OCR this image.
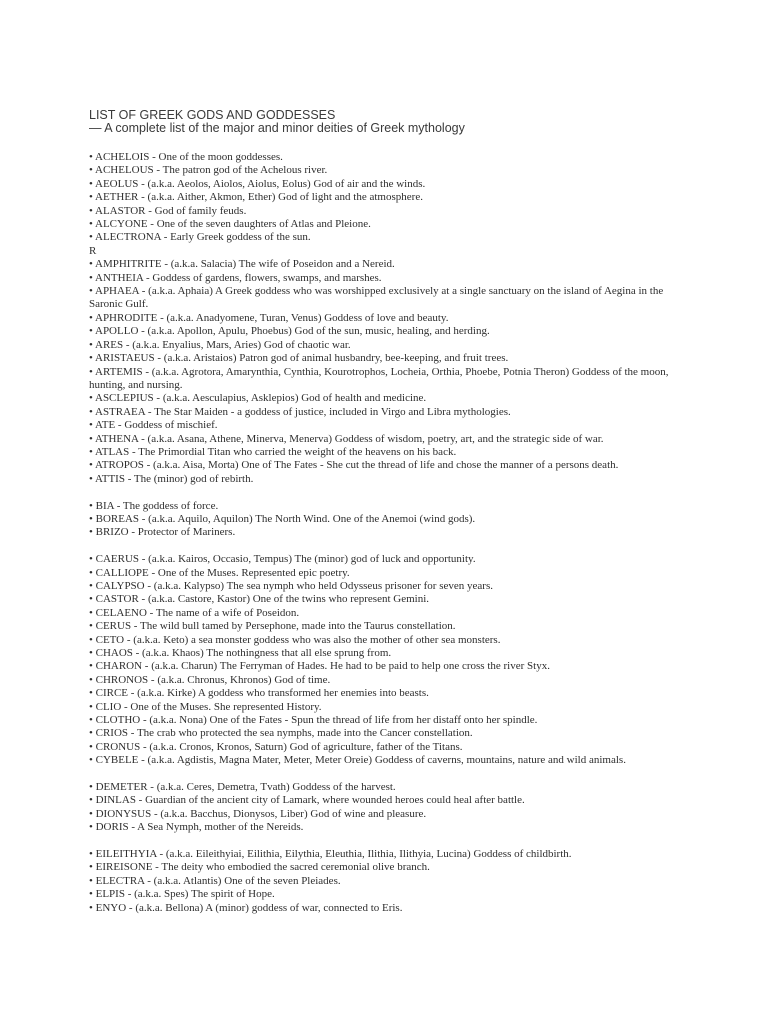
LIST OF GREEK GODS AND GODDESSES
— A complete list of the major and minor deities of Greek mythology
• ACHELOIS - One of the moon goddesses.
• ACHELOUS - The patron god of the Achelous river.
• AEOLUS - (a.k.a. Aeolos, Aiolos, Aiolus, Eolus) God of air and the winds.
• AETHER - (a.k.a. Aither, Akmon, Ether) God of light and the atmosphere.
• ALASTOR - God of family feuds.
• ALCYONE - One of the seven daughters of Atlas and Pleione.
• ALECTRONA - Early Greek goddess of the sun.
R
• AMPHITRITE - (a.k.a. Salacia) The wife of Poseidon and a Nereid.
• ANTHEIA - Goddess of gardens, flowers, swamps, and marshes.
• APHAEA - (a.k.a. Aphaia) A Greek goddess who was worshipped exclusively at a single sanctuary on the island of Aegina in the Saronic Gulf.
• APHRODITE - (a.k.a. Anadyomene, Turan, Venus) Goddess of love and beauty.
• APOLLO - (a.k.a. Apollon, Apulu, Phoebus) God of the sun, music, healing, and herding.
• ARES - (a.k.a. Enyalius, Mars, Aries) God of chaotic war.
• ARISTAEUS - (a.k.a. Aristaios) Patron god of animal husbandry, bee-keeping, and fruit trees.
• ARTEMIS - (a.k.a. Agrotora, Amarynthia, Cynthia, Kourotrophos, Locheia, Orthia, Phoebe, Potnia Theron) Goddess of the moon, hunting, and nursing.
• ASCLEPIUS - (a.k.a. Aesculapius, Asklepios) God of health and medicine.
• ASTRAEA - The Star Maiden - a goddess of justice, included in Virgo and Libra mythologies.
• ATE - Goddess of mischief.
• ATHENA - (a.k.a. Asana, Athene, Minerva, Menerva) Goddess of wisdom, poetry, art, and the strategic side of war.
• ATLAS - The Primordial Titan who carried the weight of the heavens on his back.
• ATROPOS - (a.k.a. Aisa, Morta) One of The Fates - She cut the thread of life and chose the manner of a persons death.
• ATTIS - The (minor) god of rebirth.
• BIA - The goddess of force.
• BOREAS - (a.k.a. Aquilo, Aquilon) The North Wind. One of the Anemoi (wind gods).
• BRIZO - Protector of Mariners.
• CAERUS - (a.k.a. Kairos, Occasio, Tempus) The (minor) god of luck and opportunity.
• CALLIOPE - One of the Muses. Represented epic poetry.
• CALYPSO - (a.k.a. Kalypso) The sea nymph who held Odysseus prisoner for seven years.
• CASTOR - (a.k.a. Castore, Kastor) One of the twins who represent Gemini.
• CELAENO - The name of a wife of Poseidon.
• CERUS - The wild bull tamed by Persephone, made into the Taurus constellation.
• CETO - (a.k.a. Keto) a sea monster goddess who was also the mother of other sea monsters.
• CHAOS - (a.k.a. Khaos) The nothingness that all else sprung from.
• CHARON - (a.k.a. Charun) The Ferryman of Hades. He had to be paid to help one cross the river Styx.
• CHRONOS - (a.k.a. Chronus, Khronos) God of time.
• CIRCE - (a.k.a. Kirke) A goddess who transformed her enemies into beasts.
• CLIO - One of the Muses. She represented History.
• CLOTHO - (a.k.a. Nona) One of the Fates - Spun the thread of life from her distaff onto her spindle.
• CRIOS - The crab who protected the sea nymphs, made into the Cancer constellation.
• CRONUS - (a.k.a. Cronos, Kronos, Saturn) God of agriculture, father of the Titans.
• CYBELE - (a.k.a. Agdistis, Magna Mater, Meter, Meter Oreie) Goddess of caverns, mountains, nature and wild animals.
• DEMETER - (a.k.a. Ceres, Demetra, Tvath) Goddess of the harvest.
• DINLAS - Guardian of the ancient city of Lamark, where wounded heroes could heal after battle.
• DIONYSUS - (a.k.a. Bacchus, Dionysos, Liber) God of wine and pleasure.
• DORIS - A Sea Nymph, mother of the Nereids.
• EILEITHYIA - (a.k.a. Eileithyiai, Eilithia, Eilythia, Eleuthia, Ilithia, Ilithyia, Lucina) Goddess of childbirth.
• EIREISONE - The deity who embodied the sacred ceremonial olive branch.
• ELECTRA - (a.k.a. Atlantis) One of the seven Pleiades.
• ELPIS - (a.k.a. Spes) The spirit of Hope.
• ENYO - (a.k.a. Bellona) A (minor) goddess of war, connected to Eris.
